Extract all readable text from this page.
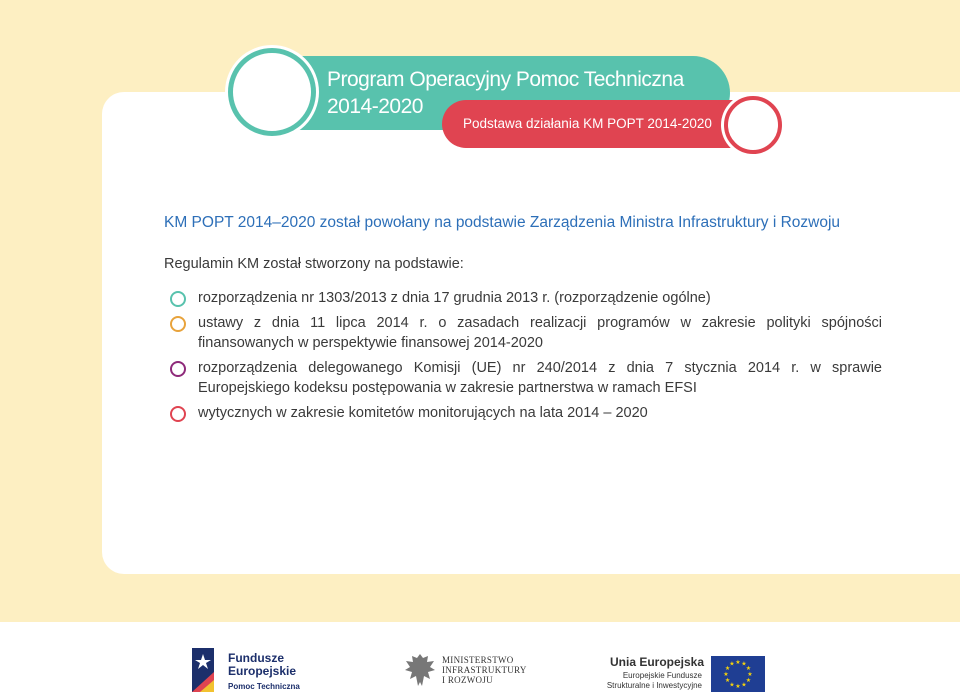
Program Operacyjny Pomoc Techniczna
2014-2020
Podstawa działania KM POPT 2014-2020
KM POPT 2014–2020 został powołany na podstawie Zarządzenia Ministra Infrastruktury i Rozwoju
Regulamin KM został stworzony na podstawie:
rozporządzenia nr 1303/2013 z dnia 17 grudnia 2013 r. (rozporządzenie ogólne)
ustawy z dnia 11 lipca 2014 r. o zasadach realizacji programów w zakresie polityki spójności finansowanych w perspektywie finansowej 2014-2020
rozporządzenia delegowanego Komisji (UE) nr 240/2014 z dnia 7 stycznia 2014 r. w sprawie Europejskiego kodeksu postępowania w zakresie partnerstwa w ramach EFSI
wytycznych w zakresie komitetów monitorujących na lata 2014 – 2020
Fundusze
Europejskie
Pomoc Techniczna
MINISTERSTWO
INFRASTRUKTURY
I ROZWOJU
Unia Europejska
Europejskie Fundusze
Strukturalne i Inwestycyjne
★ ★
★
★
★
★
★
★
★
★
★
★
